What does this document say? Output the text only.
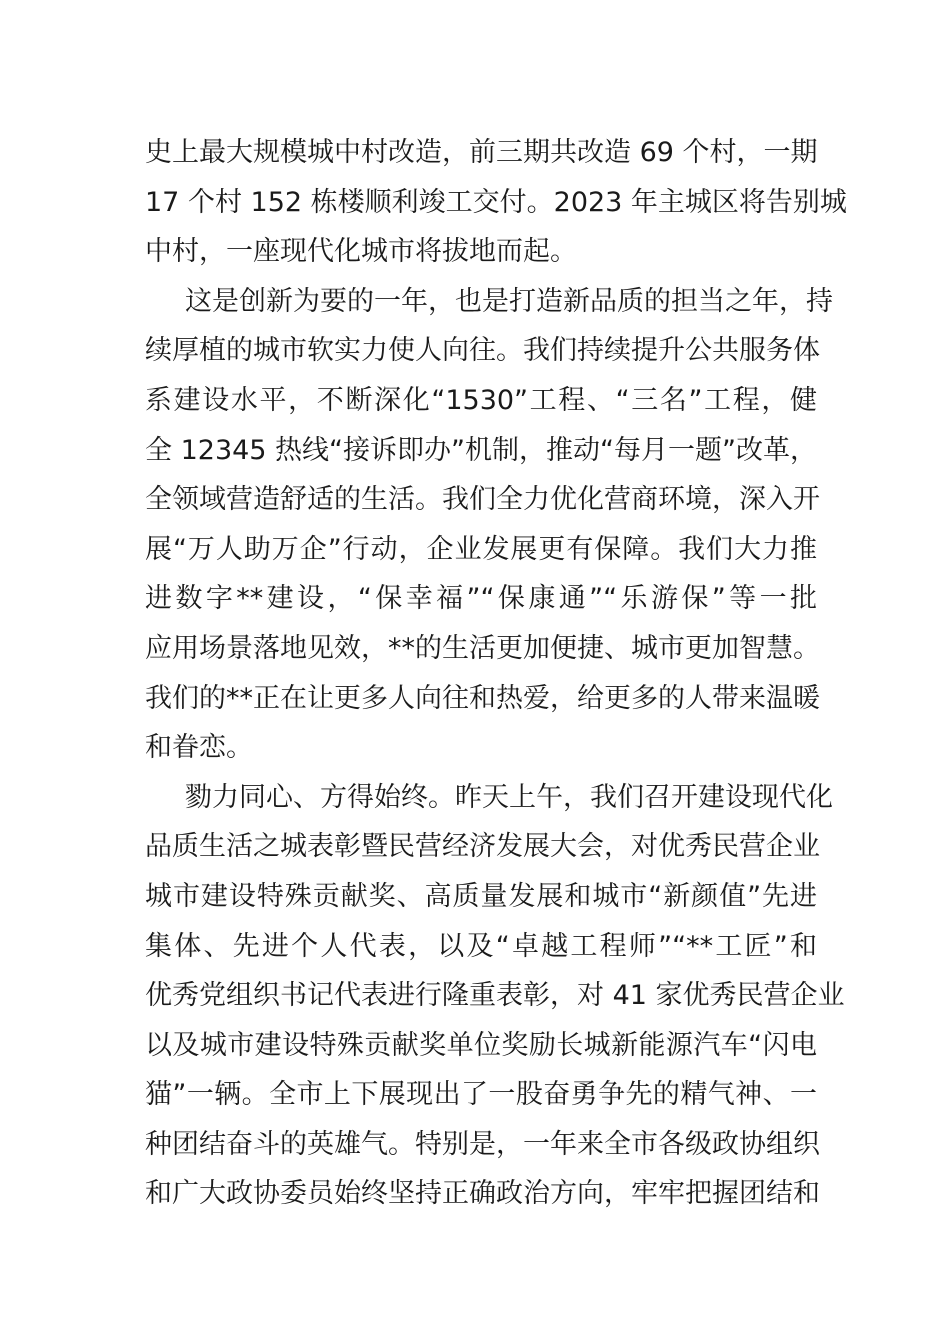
史上最大规模城中村改造，前三期共改造 69 个村，一期
17 个村 152 栋楼顺利竣工交付。2023 年主城区将告别城
中村，一座现代化城市将拔地而起。

这是创新为要的一年，也是打造新品质的担当之年，持
续厚植的城市软实力使人向往。我们持续提升公共服务体
系建设水平，不断深化“1530”工程、“三名”工程，健
全 12345 热线“接诉即办”机制，推动“每月一题”改革，
全领域营造舒适的生活。我们全力优化营商环境，深入开
展“万人助万企”行动，企业发展更有保障。我们大力推
进数字**建设，“保幸福”“保康通”“乐游保”等一批
应用场景落地见效，**的生活更加便捷、城市更加智慧。
我们的**正在让更多人向往和热爱，给更多的人带来温暖
和眷恋。

勠力同心、方得始终。昨天上午，我们召开建设现代化
品质生活之城表彰暨民营经济发展大会，对优秀民营企业
城市建设特殊贡献奖、高质量发展和城市“新颜值”先进
集体、先进个人代表，以及“卓越工程师”“**工匠”和
优秀党组织书记代表进行隆重表彰，对 41 家优秀民营企业
以及城市建设特殊贡献奖单位奖励长城新能源汽车“闪电
猫”一辆。全市上下展现出了一股奋勇争先的精气神、一
种团结奋斗的英雄气。特别是，一年来全市各级政协组织
和广大政协委员始终坚持正确政治方向，牢牢把握团结和
